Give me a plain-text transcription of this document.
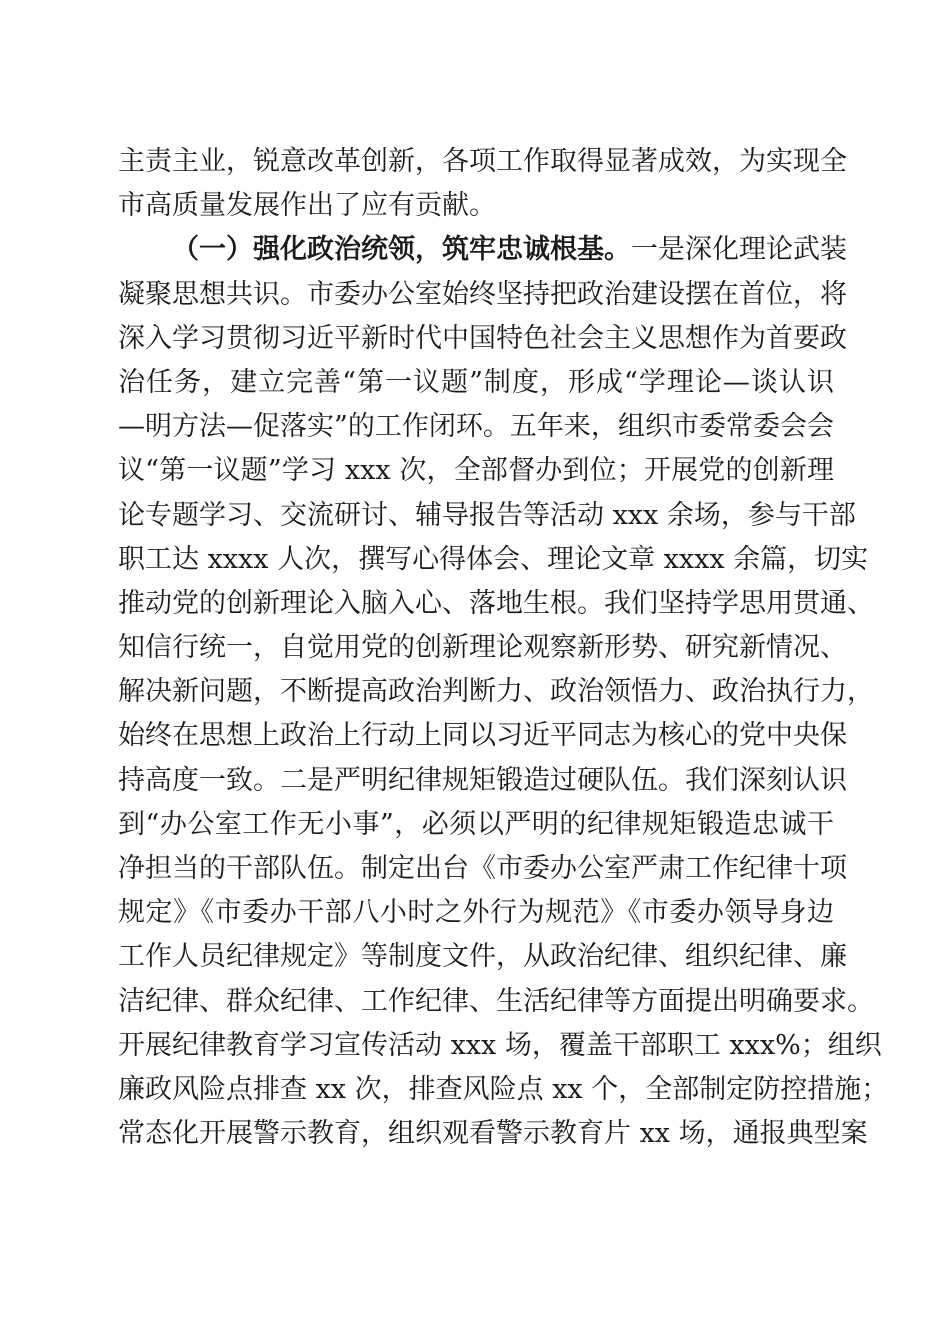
主责主业，锐意改革创新，各项工作取得显著成效，为实现全
市高质量发展作出了应有贡献。
（一）强化政治统领，筑牢忠诚根基。一是深化理论武装
凝聚思想共识。市委办公室始终坚持把政治建设摆在首位，将
深入学习贯彻习近平新时代中国特色社会主义思想作为首要政
治任务，建立完善“第一议题”制度，形成“学理论—谈认识
—明方法—促落实”的工作闭环。五年来，组织市委常委会会
议“第一议题”学习 xxx 次，全部督办到位；开展党的创新理
论专题学习、交流研讨、辅导报告等活动 xxx 余场，参与干部
职工达 xxxx 人次，撰写心得体会、理论文章 xxxx 余篇，切实
推动党的创新理论入脑入心、落地生根。我们坚持学思用贯通、
知信行统一，自觉用党的创新理论观察新形势、研究新情况、
解决新问题，不断提高政治判断力、政治领悟力、政治执行力，
始终在思想上政治上行动上同以习近平同志为核心的党中央保
持高度一致。二是严明纪律规矩锻造过硬队伍。我们深刻认识
到“办公室工作无小事”，必须以严明的纪律规矩锻造忠诚干
净担当的干部队伍。制定出台《市委办公室严肃工作纪律十项
规定》《市委办干部八小时之外行为规范》《市委办领导身边
工作人员纪律规定》等制度文件，从政治纪律、组织纪律、廉
洁纪律、群众纪律、工作纪律、生活纪律等方面提出明确要求。
开展纪律教育学习宣传活动 xxx 场，覆盖干部职工 xxx%；组织
廉政风险点排查 xx 次，排查风险点 xx 个，全部制定防控措施；
常态化开展警示教育，组织观看警示教育片 xx 场，通报典型案
